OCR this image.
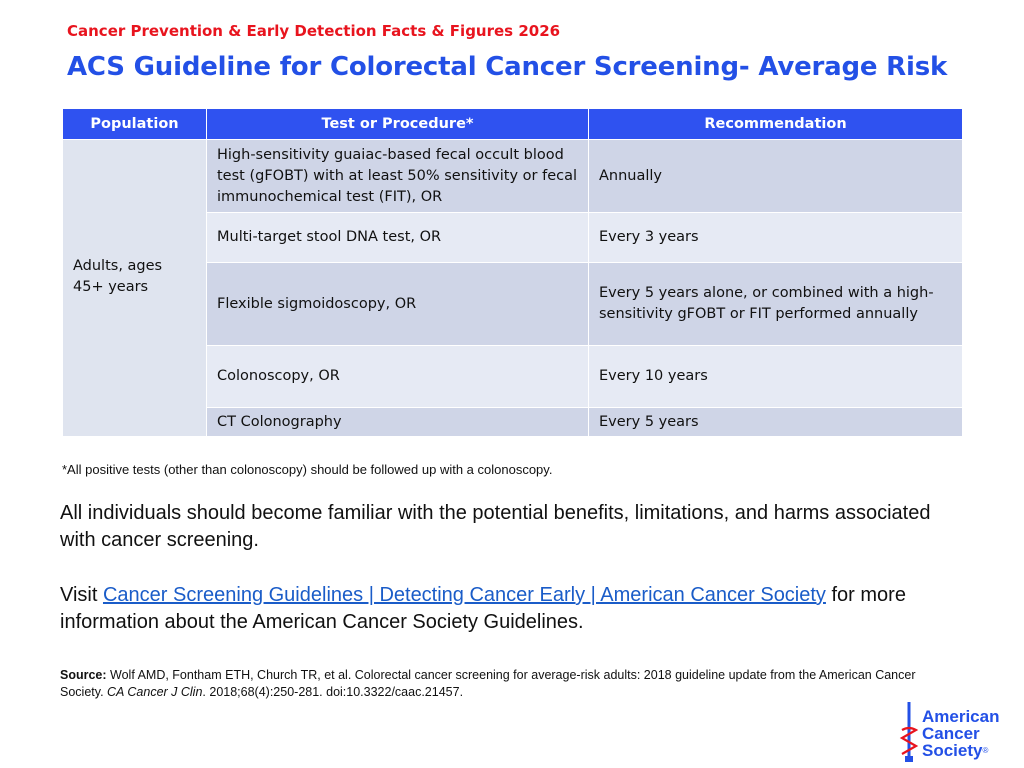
Cancer Prevention & Early Detection Facts & Figures 2026
ACS Guideline for Colorectal Cancer Screening- Average Risk
Population	Test or Procedure*	Recommendation
Adults, ages 45+ years	High-sensitivity guaiac-based fecal occult blood test (gFOBT) with at least 50% sensitivity or fecal immunochemical test (FIT), OR	Annually
	Multi-target stool DNA test, OR	Every 3 years
	Flexible sigmoidoscopy, OR	Every 5 years alone, or combined with a high-sensitivity gFOBT or FIT performed annually
	Colonoscopy, OR	Every 10 years
	CT Colonography	Every 5 years
*All positive tests (other than colonoscopy) should be followed up with a colonoscopy.
All individuals should become familiar with the potential benefits, limitations, and harms associated with cancer screening.
Visit Cancer Screening Guidelines | Detecting Cancer Early | American Cancer Society for more information about the American Cancer Society Guidelines.
Source: Wolf AMD, Fontham ETH, Church TR, et al. Colorectal cancer screening for average-risk adults: 2018 guideline update from the American Cancer Society. CA Cancer J Clin. 2018;68(4):250-281. doi:10.3322/caac.21457.
American
Cancer
Society®
